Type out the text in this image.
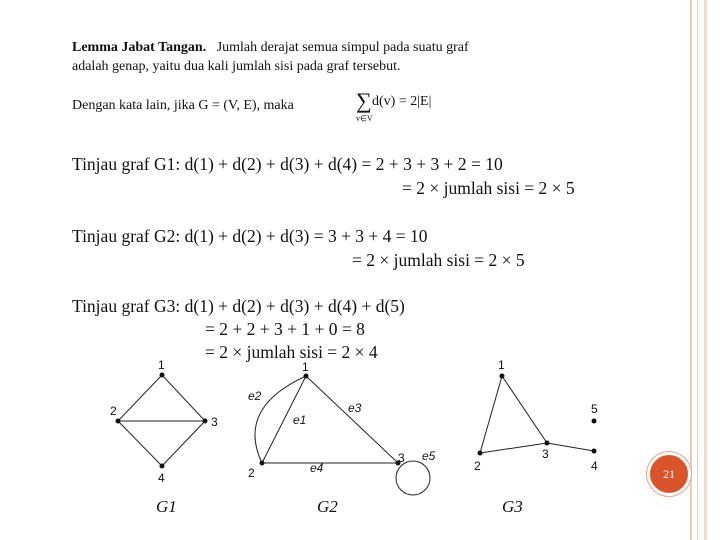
Lemma Jabat Tangan. Jumlah derajat semua simpul pada suatu graf
adalah genap, yaitu dua kali jumlah sisi pada graf tersebut.
Dengan kata lain, jika G = (V, E), maka	∑
v∈V
d(v) = 2|E|
Tinjau graf G1: d(1) + d(2) + d(3) + d(4) = 2 + 3 + 3 + 2 = 10
= 2 × jumlah sisi = 2 × 5
Tinjau graf G2: d(1) + d(2) + d(3) = 3 + 3 + 4 = 10
= 2 × jumlah sisi = 2 × 5
Tinjau graf G3: d(1) + d(2) + d(3) + d(4) + d(5)
= 2 + 2 + 3 + 1 + 0 = 8
= 2 × jumlah sisi = 2 × 4
1
2
3
4
1
2
3
e1
e2
e3
e4
e5
1
2
3
4
5
G1	G2	G3
21
